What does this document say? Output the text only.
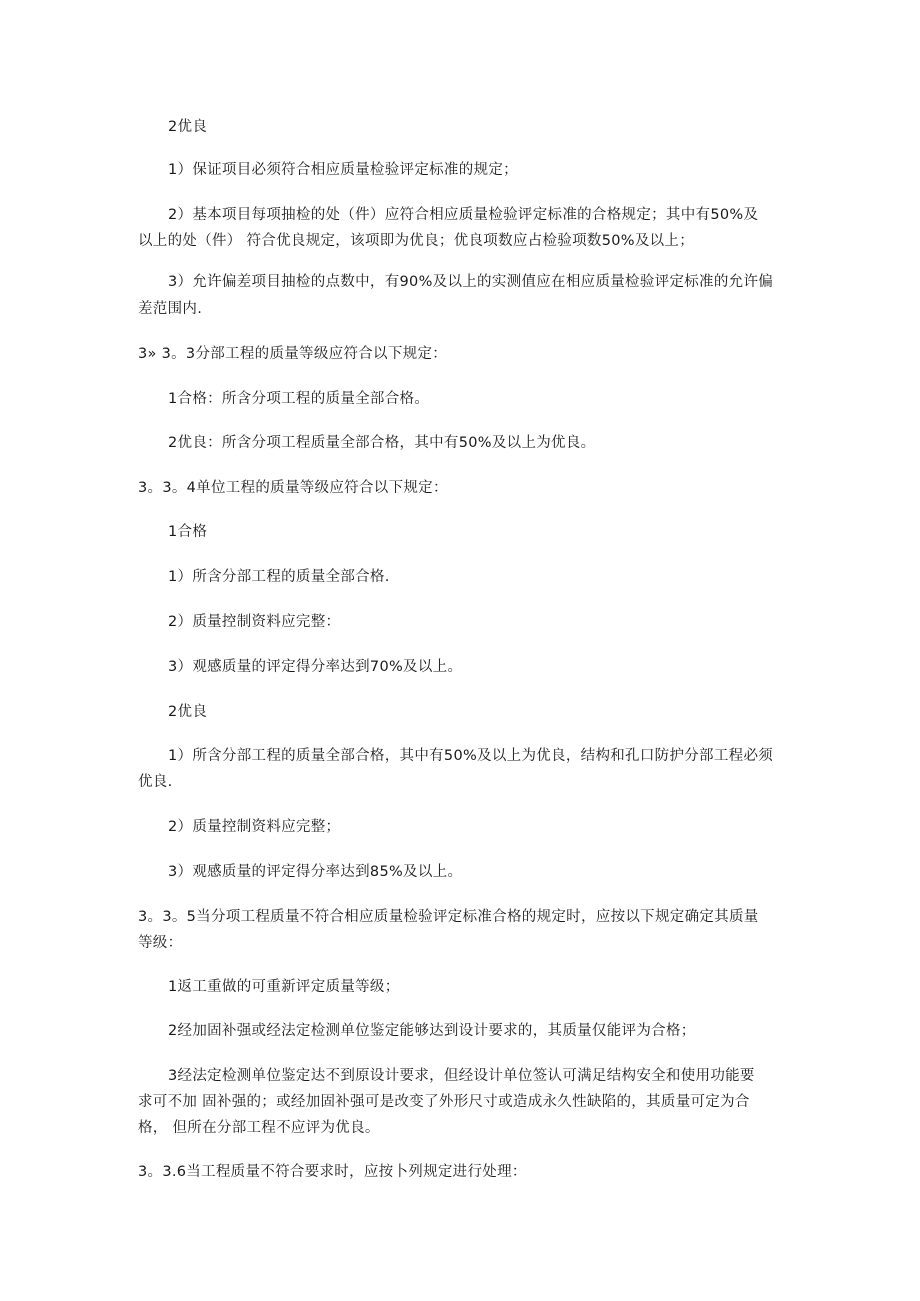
2优良
1）保证项目必须符合相应质量检验评定标准的规定；
2）基本项目每项抽检的处（件）应符合相应质量检验评定标准的合格规定；其中有50%及
以上的处（件） 符合优良规定，该项即为优良；优良项数应占检验项数50%及以上；
3）允许偏差项目抽检的点数中，有90%及以上的实测值应在相应质量检验评定标准的允许偏
差范围内.
3» 3。3分部工程的质量等级应符合以下规定：
1合格：所含分项工程的质量全部合格。
2优良：所含分项工程质量全部合格，其中有50%及以上为优良。
3。3。4单位工程的质量等级应符合以下规定：
1合格
1）所含分部工程的质量全部合格.
2）质量控制资料应完整：
3）观感质量的评定得分率达到70%及以上。
2优良
1）所含分部工程的质量全部合格，其中有50%及以上为优良，结构和孔口防护分部工程必须
优良.
2）质量控制资料应完整；
3）观感质量的评定得分率达到85%及以上。
3。3。5当分项工程质量不符合相应质量检验评定标准合格的规定时，应按以下规定确定其质量
等级：
1返工重做的可重新评定质量等级；
2经加固补强或经法定检测单位鉴定能够达到设计要求的，其质量仅能评为合格；
3经法定检测单位鉴定达不到原设计要求，但经设计单位签认可满足结构安全和使用功能要
求可不加 固补强的；或经加固补强可是改变了外形尺寸或造成永久性缺陷的，其质量可定为合
格， 但所在分部工程不应评为优良。
3。3.6当工程质量不符合要求时，应按卜列规定进行处理：
